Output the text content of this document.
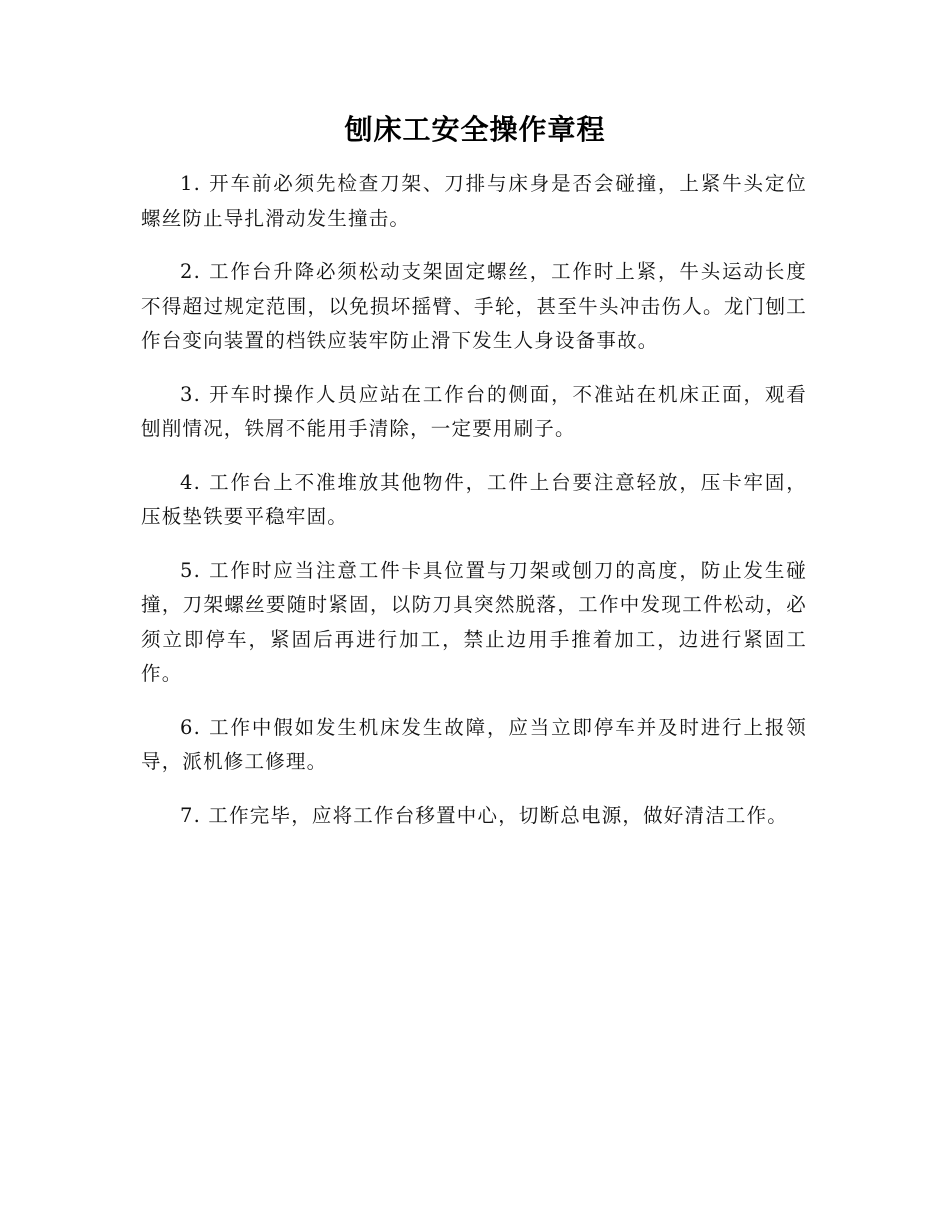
刨床工安全操作章程

1. 开车前必须先检查刀架、刀排与床身是否会碰撞，上紧牛头定位螺丝防止导扎滑动发生撞击。

2. 工作台升降必须松动支架固定螺丝，工作时上紧，牛头运动长度不得超过规定范围，以免损坏摇臂、手轮，甚至牛头冲击伤人。龙门刨工作台变向装置的档铁应装牢防止滑下发生人身设备事故。

3. 开车时操作人员应站在工作台的侧面，不准站在机床正面，观看刨削情况，铁屑不能用手清除，一定要用刷子。

4. 工作台上不准堆放其他物件，工件上台要注意轻放，压卡牢固，压板垫铁要平稳牢固。

5. 工作时应当注意工件卡具位置与刀架或刨刀的高度，防止发生碰撞，刀架螺丝要随时紧固，以防刀具突然脱落，工作中发现工件松动，必须立即停车，紧固后再进行加工，禁止边用手推着加工，边进行紧固工作。

6. 工作中假如发生机床发生故障，应当立即停车并及时进行上报领导，派机修工修理。

7. 工作完毕，应将工作台移置中心，切断总电源，做好清洁工作。
